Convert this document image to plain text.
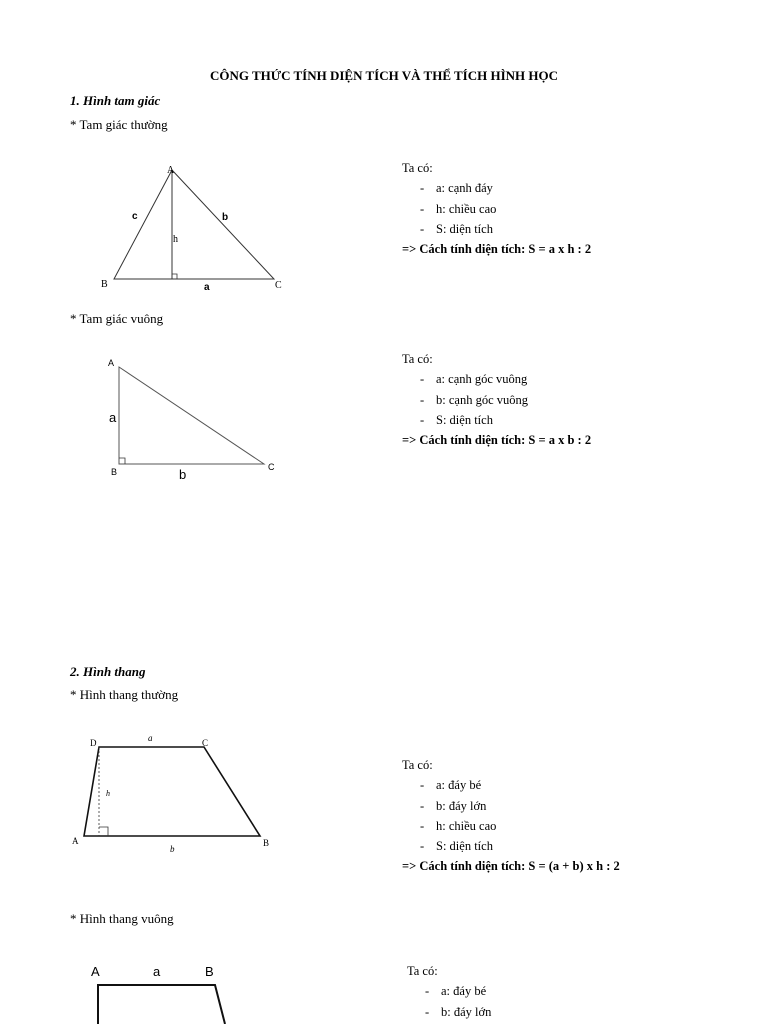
CÔNG THỨC TÍNH DIỆN TÍCH VÀ THỂ TÍCH HÌNH HỌC
1. Hình tam giác
* Tam giác thường
A
B	C
a
b
c
h
Ta có:
- a: cạnh đáy
- h: chiều cao
- S: diện tích
=> Cách tính diện tích: S = a x h : 2
* Tam giác vuông
A
B	C
a
b
Ta có:
- a: cạnh góc vuông
- b: cạnh góc vuông
- S: diện tích
=> Cách tính diện tích: S = a x b : 2
2. Hình thang
* Hình thang thường
D	C
A	B
a
b
h
Ta có:
- a: đáy bé
- b: đáy lớn
- h: chiều cao
- S: diện tích
=> Cách tính diện tích: S = (a + b) x h : 2
* Hình thang vuông
A	a	B	Ta có:
- a: đáy bé
- b: đáy lớn
